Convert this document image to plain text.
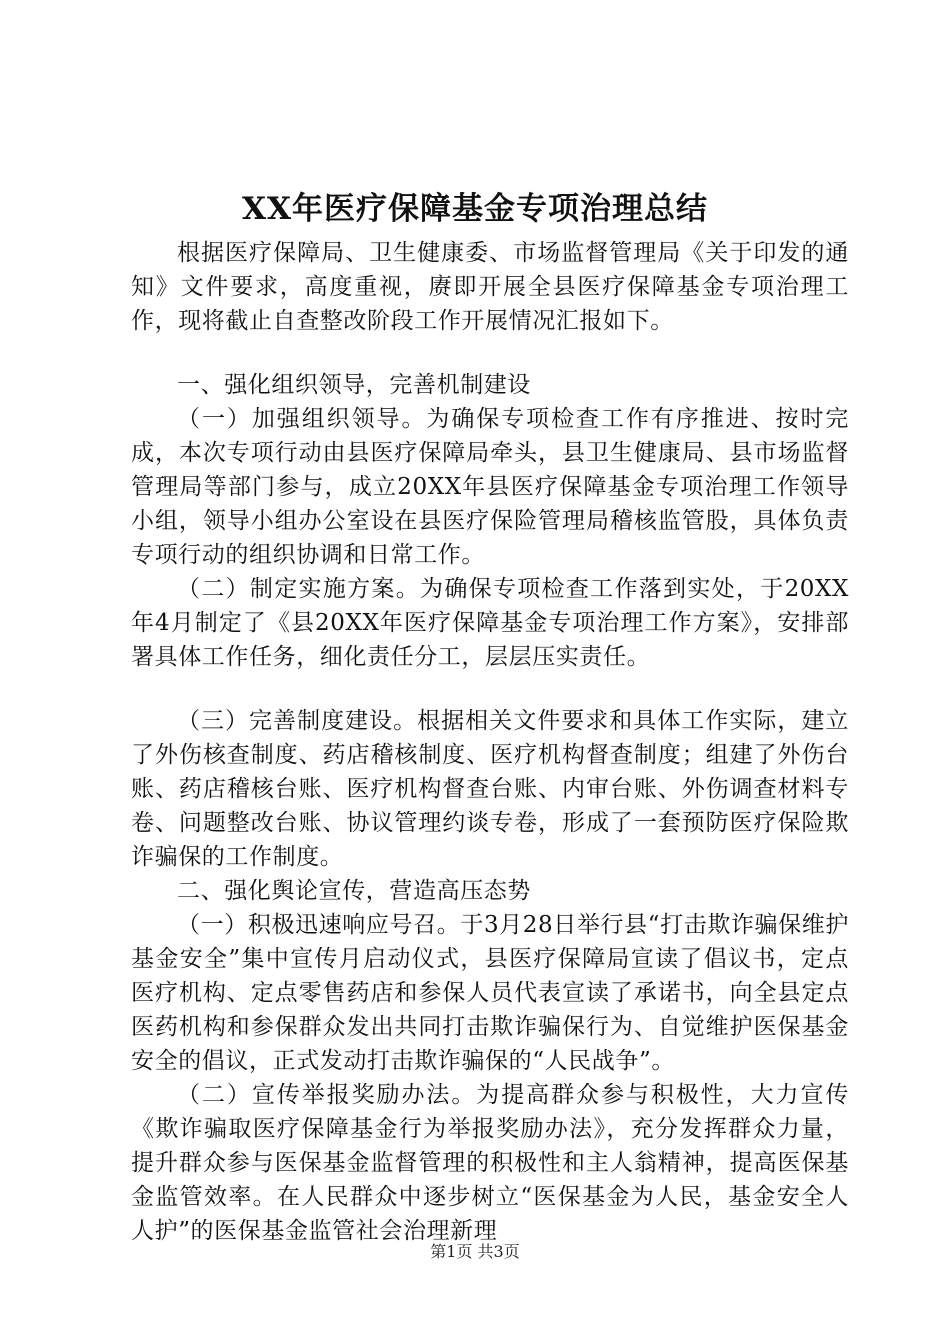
XX年医疗保障基金专项治理总结

根据医疗保障局、卫生健康委、市场监督管理局《关于印发的通知》文件要求，高度重视，赓即开展全县医疗保障基金专项治理工作，现将截止自查整改阶段工作开展情况汇报如下。

一、强化组织领导，完善机制建设

（一）加强组织领导。为确保专项检查工作有序推进、按时完成，本次专项行动由县医疗保障局牵头，县卫生健康局、县市场监督管理局等部门参与，成立20XX年县医疗保障基金专项治理工作领导小组，领导小组办公室设在县医疗保险管理局稽核监管股，具体负责专项行动的组织协调和日常工作。

（二）制定实施方案。为确保专项检查工作落到实处，于20XX年4月制定了《县20XX年医疗保障基金专项治理工作方案》，安排部署具体工作任务，细化责任分工，层层压实责任。

（三）完善制度建设。根据相关文件要求和具体工作实际，建立了外伤核查制度、药店稽核制度、医疗机构督查制度；组建了外伤台账、药店稽核台账、医疗机构督查台账、内审台账、外伤调查材料专卷、问题整改台账、协议管理约谈专卷，形成了一套预防医疗保险欺诈骗保的工作制度。

二、强化舆论宣传，营造高压态势

（一）积极迅速响应号召。于3月28日举行县“打击欺诈骗保维护基金安全”集中宣传月启动仪式，县医疗保障局宣读了倡议书，定点医疗机构、定点零售药店和参保人员代表宣读了承诺书，向全县定点医药机构和参保群众发出共同打击欺诈骗保行为、自觉维护医保基金安全的倡议，正式发动打击欺诈骗保的“人民战争”。

（二）宣传举报奖励办法。为提高群众参与积极性，大力宣传《欺诈骗取医疗保障基金行为举报奖励办法》，充分发挥群众力量，提升群众参与医保基金监督管理的积极性和主人翁精神，提高医保基金监管效率。在人民群众中逐步树立“医保基金为人民，基金安全人人护”的医保基金监管社会治理新理

第1页 共3页
